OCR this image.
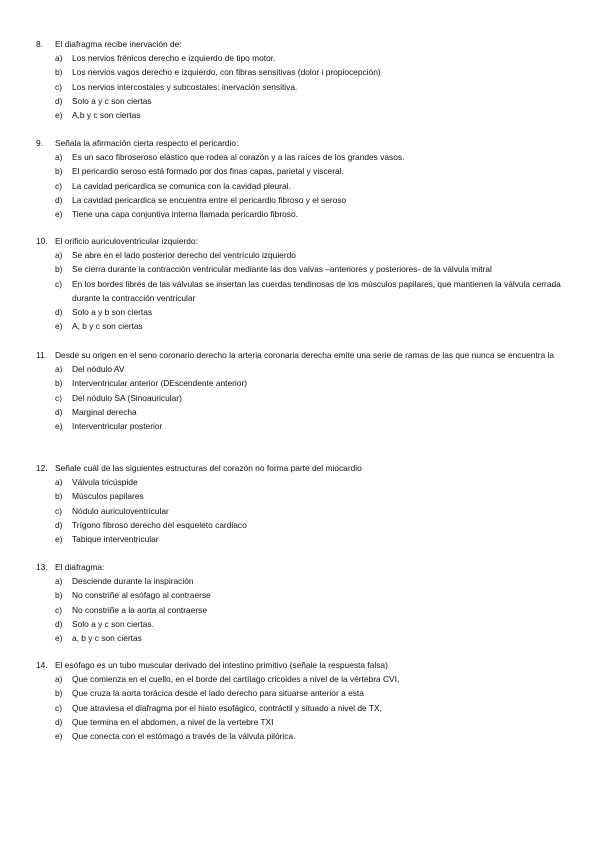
8.	El diafragma recibe inervación de:
a)	Los nervios frénicos derecho e izquierdo de tipo motor.
b)	Los nervios vagos derecho e izquierdo, con fibras sensitivas (dolor i propiocepción)
c)	Los nervios intercostales y subcostales: inervación sensitiva.
d)	Solo a y c son ciertas
e)	A,b y c son ciertas
9.	Señala la afirmación cierta respecto el pericardio:
a)	Es un saco fibroseroso elástico que rodea al corazón y a las raíces de los grandes vasos.
b)	El pericardio seroso está formado por dos finas capas, parietal y visceral.
c)	La cavidad pericardica se comunica con la cavidad pleural.
d)	La cavidad pericardica se encuentra entre el pericardio fibroso y el seroso
e)	Tiene una capa conjuntiva interna llamada pericardio fibroso.
10. El orificio auriculoventricular izquierdo:
a)	Se abre en el lado posterior derecho del ventrículo izquierdo
b)	Se cierra durante la contracción ventricular mediante las dos valvas –anteriores y posteriores- de la válvula mitral
c)	En los bordes libres de las válvulas se insertan las cuerdas tendinosas de los músculos papilares, que mantienen la válvula cerrada durante la contracción ventricular
d)	Solo a y b son ciertas
e)	A, b y c son ciertas
11. Desde su origen en el seno coronario derecho la arteria coronaria derecha emite una serie de ramas de las que nunca se encuentra la
a)	Del nódulo AV
b)	Interventricular anterior (DEscendente anterior)
c)	Del nódulo SA (Sinoauricular)
d)	Marginal derecha
e)	Interventricular posterior
12. Señale cuál de las siguientes estructuras del corazón no forma parte del miocardio
a)	Válvula tricúspide
b)	Músculos papilares
c)	Nódulo auriculoventricular
d)	Trígono fibroso derecho del esqueleto cardiaco
e)	Tabique interventricular
13. El diafragma:
a)	Desciende durante la inspiración
b)	No constriñe al esófago al contraerse
c)	No constriñe a la aorta al contraerse
d)	Solo a y c son ciertas.
e)	a, b y c son ciertas
14. El esófago es un tubo muscular derivado del intestino primitivo (señale la respuesta falsa)
a)	Que comienza en el cuello, en el borde del cartílago cricoides a nivel de la vértebra CVI,
b)	Que cruza la aorta torácica desde el lado derecho para situarse anterior a esta
c)	Que atraviesa el diafragma por el hiato esofágico, contráctil y situado a nivel de TX,
d)	Que termina en el abdomen, a nivel de la vertebre TXI
e)	Que conecta con el estómago a través de la válvula pilórica.
